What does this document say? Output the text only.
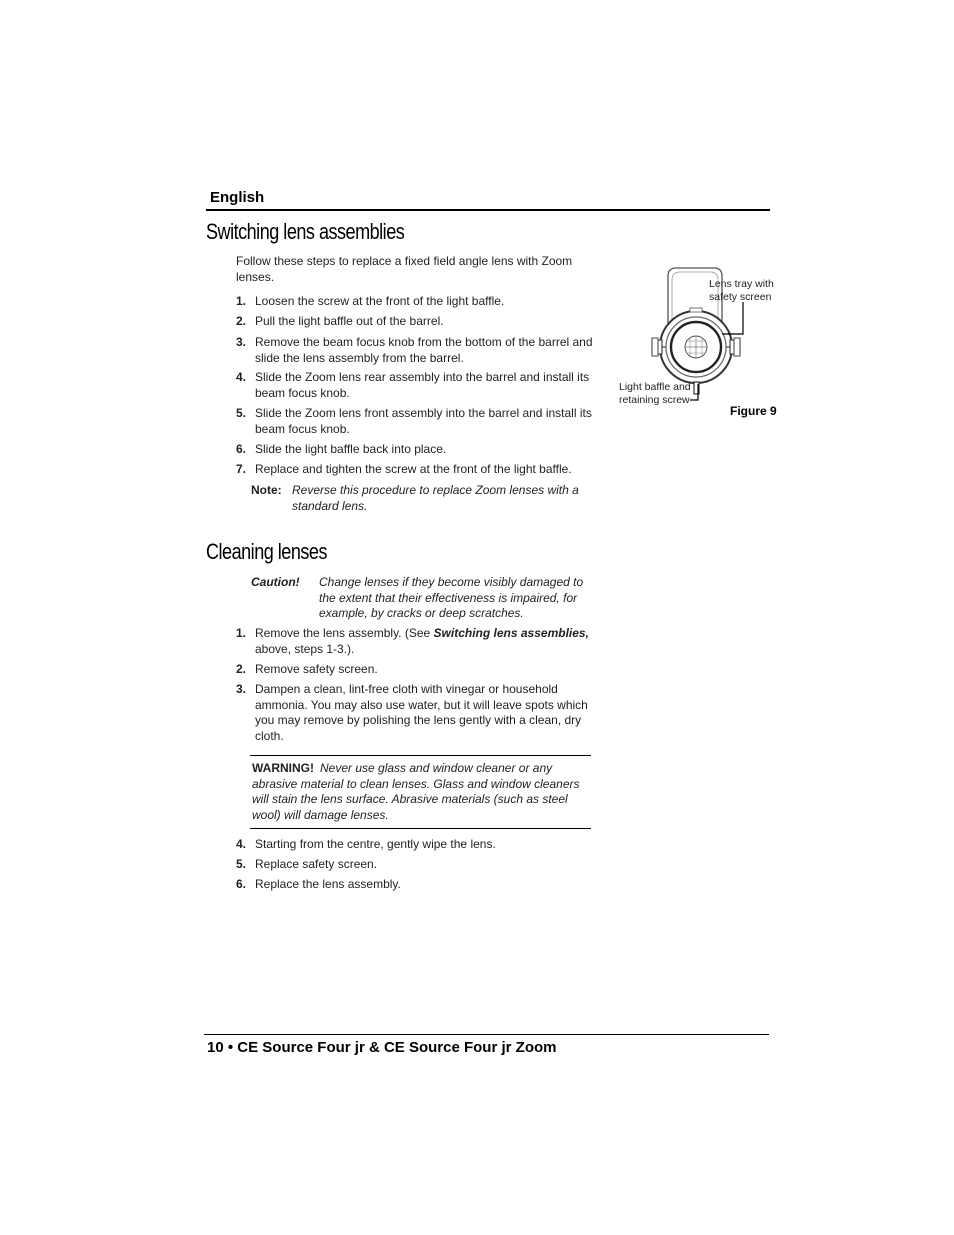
English
Switching lens assemblies
Follow these steps to replace a fixed field angle lens with Zoom lenses.
1. Loosen the screw at the front of the light baffle.
2. Pull the light baffle out of the barrel.
3. Remove the beam focus knob from the bottom of the barrel and slide the lens assembly from the barrel.
4. Slide the Zoom lens rear assembly into the barrel and install its beam focus knob.
5. Slide the Zoom lens front assembly into the barrel and install its beam focus knob.
6. Slide the light baffle back into place.
7. Replace and tighten the screw at the front of the light baffle.
Note: Reverse this procedure to replace Zoom lenses with a standard lens.
Lens tray with
safety screen
Light baffle and
retaining screw
Figure 9
Cleaning lenses
Caution! Change lenses if they become visibly damaged to the extent that their effectiveness is impaired, for example, by cracks or deep scratches.
1. Remove the lens assembly. (See Switching lens assemblies, above, steps 1-3.).
2. Remove safety screen.
3. Dampen a clean, lint-free cloth with vinegar or household ammonia. You may also use water, but it will leave spots which you may remove by polishing the lens gently with a clean, dry cloth.
WARNING! Never use glass and window cleaner or any abrasive material to clean lenses. Glass and window cleaners will stain the lens surface. Abrasive materials (such as steel wool) will damage lenses.
4. Starting from the centre, gently wipe the lens.
5. Replace safety screen.
6. Replace the lens assembly.
10 • CE Source Four jr & CE Source Four jr Zoom
